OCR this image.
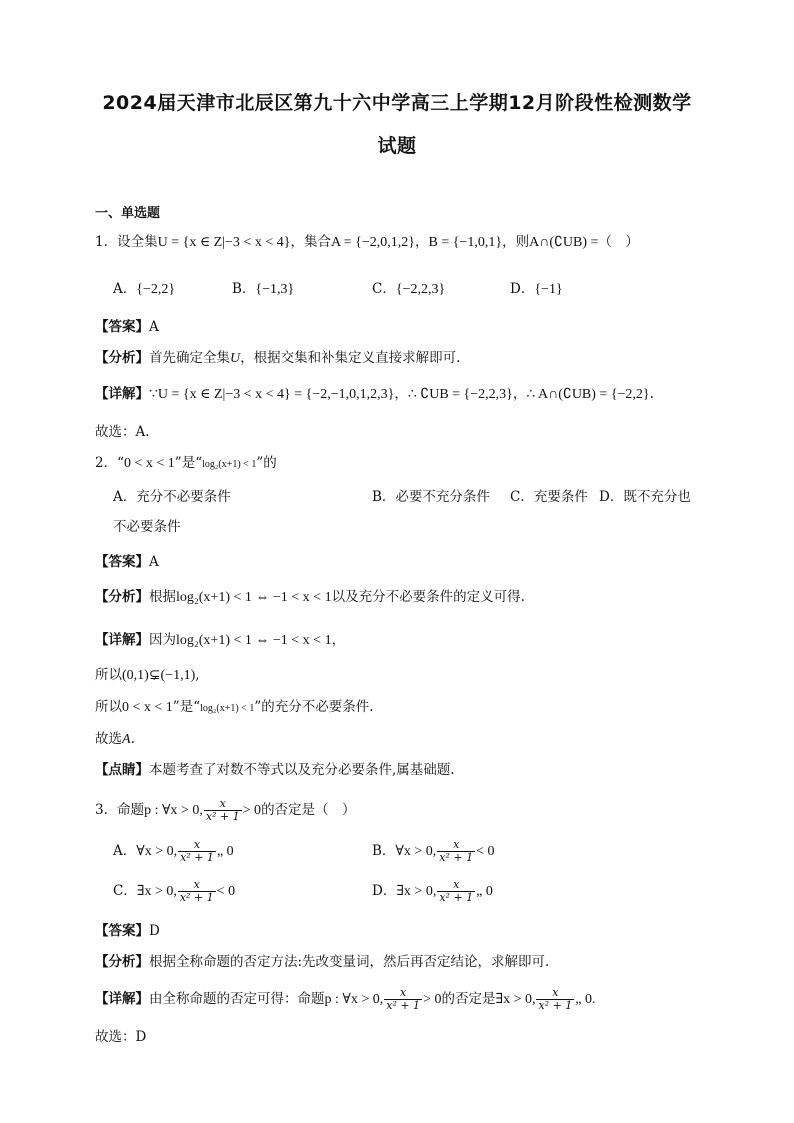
2024届天津市北辰区第九十六中学高三上学期12月阶段性检测数学
试题
一、单选题
1．设全集U = {x ∈ Z|−3 < x < 4}，集合A = {−2,0,1,2}，B = {−1,0,1}，则A∩(∁UB) =（　）
A．{−2,2}	B．{−1,3}	C．{−2,2,3}	D．{−1}
【答案】A
【分析】首先确定全集U，根据交集和补集定义直接求解即可.
【详解】∵U = {x ∈ Z|−3 < x < 4} = {−2,−1,0,1,2,3}，∴ ∁UB = {−2,2,3}，∴ A∩(∁UB) = {−2,2}.
故选：A.
2．“0 < x < 1”是“log₂(x+1) < 1”的
A．充分不必要条件	B．必要不充分条件 C．充要条件 D．既不充分也
不必要条件
【答案】A
【分析】根据log₂(x+1) < 1 ⇔ −1 < x < 1以及充分不必要条件的定义可得.
【详解】因为log₂(x+1) < 1 ⇔ −1 < x < 1，
所以(0,1)⊊(−1,1),
所以0 < x < 1”是“log₂(x+1) < 1”的充分不必要条件.
故选A.
【点睛】本题考查了对数不等式以及充分必要条件,属基础题.
3．命题p : ∀x > 0, $\frac{x}{\text{x² + 1}} > 0$的否定是（　）
A．∀x > 0, $\frac{x}{\text{x² + 1}}$ „ 0	B．∀x > 0, $\frac{x}{\text{x² + 1}} < 0$
C．∃x > 0, $\frac{x}{\text{x² + 1}} < 0$	D．∃x > 0, $\frac{x}{\text{x² + 1}}$ „ 0
【答案】D
【分析】根据全称命题的否定方法:先改变量词，然后再否定结论，求解即可.
【详解】由全称命题的否定可得：命题p : ∀x > 0, $\frac{x}{\text{x² + 1}} > 0$的否定是∃x > 0, $\frac{x}{\text{x² + 1}}$ „ 0.
故选：D
